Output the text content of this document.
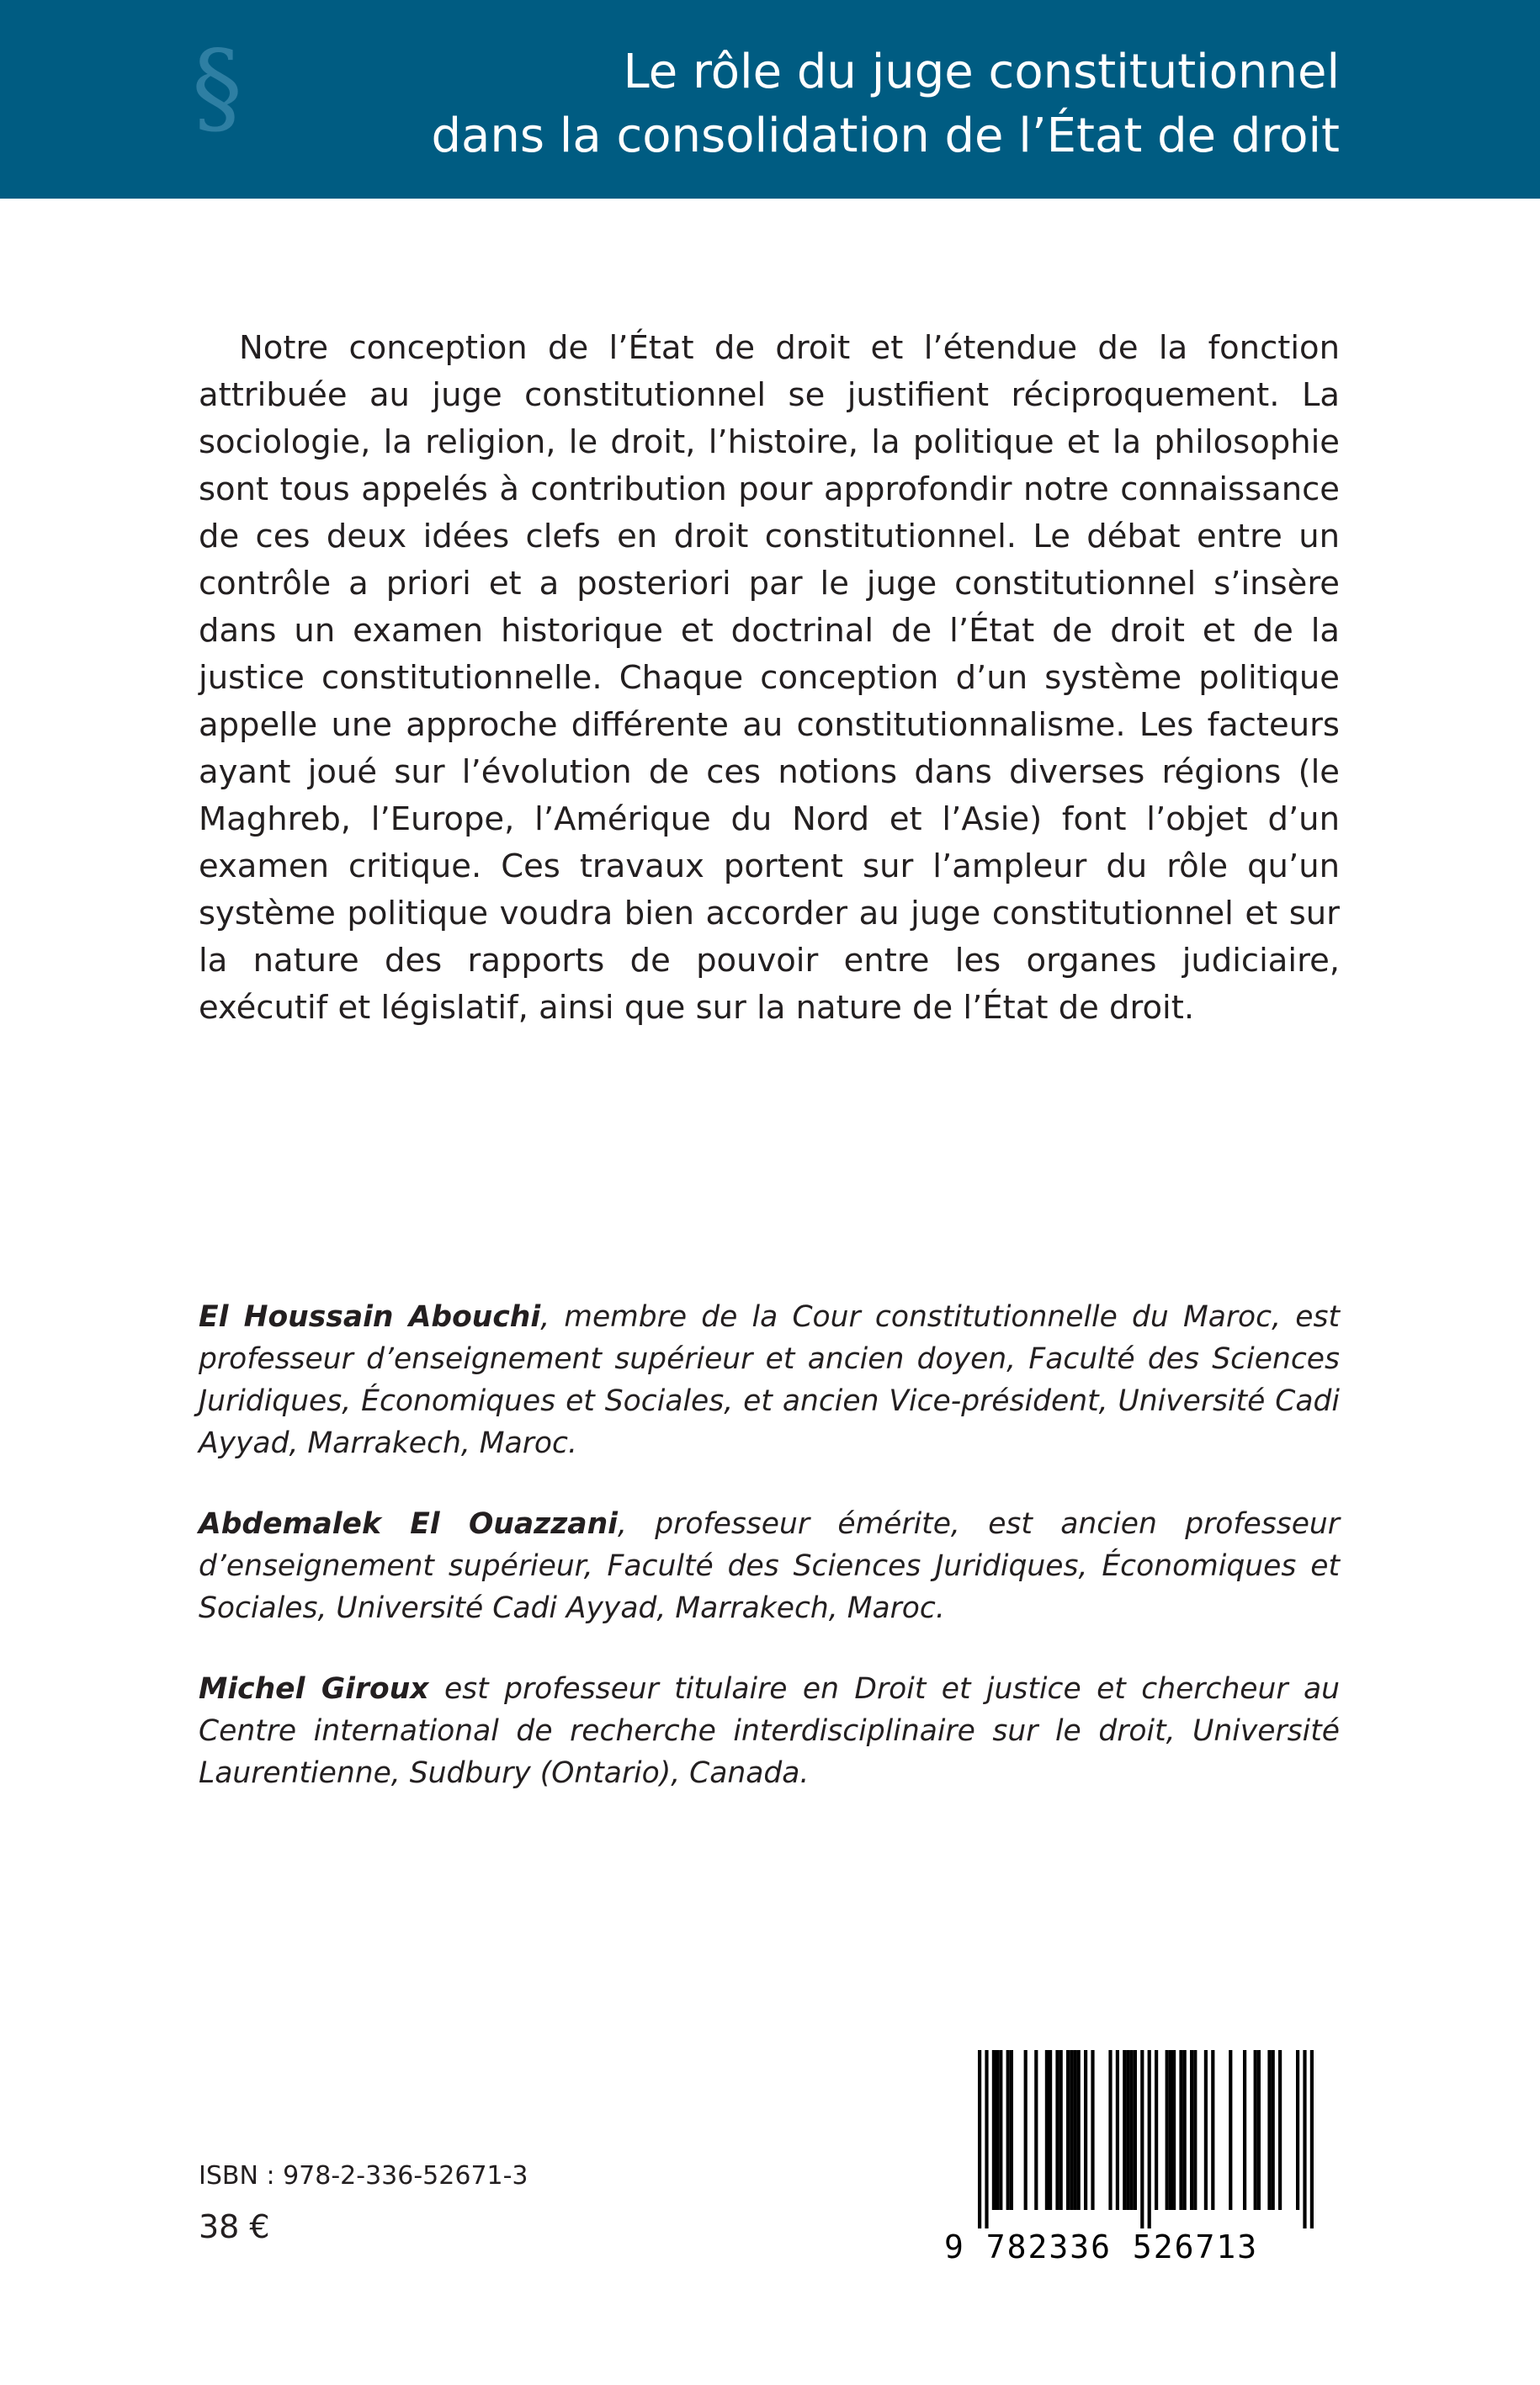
§	Le rôle du juge constitutionnel
dans la consolidation de l’État de droit
Notre conception de l’État de droit et l’étendue de la fonction attribuée au juge constitutionnel se justifient réciproquement. La sociologie, la religion, le droit, l’histoire, la politique et la philosophie sont tous appelés à contribution pour approfondir notre connaissance de ces deux idées clefs en droit constitutionnel. Le débat entre un contrôle a priori et a posteriori par le juge constitutionnel s’insère dans un examen historique et doctrinal de l’État de droit et de la justice constitutionnelle. Chaque conception d’un système politique appelle une approche différente au constitutionnalisme. Les facteurs ayant joué sur l’évolution de ces notions dans diverses régions (le Maghreb, l’Europe, l’Amérique du Nord et l’Asie) font l’objet d’un examen critique. Ces travaux portent sur l’ampleur du rôle qu’un système politique voudra bien accorder au juge constitutionnel et sur la nature des rapports de pouvoir entre les organes judiciaire, exécutif et législatif, ainsi que sur la nature de l’État de droit.

El Houssain Abouchi, membre de la Cour constitutionnelle du Maroc, est professeur d’enseignement supérieur et ancien doyen, Faculté des Sciences Juridiques, Économiques et Sociales, et ancien Vice-président, Université Cadi Ayyad, Marrakech, Maroc.

Abdemalek El Ouazzani, professeur émérite, est ancien professeur d’enseignement supérieur, Faculté des Sciences Juridiques, Économiques et Sociales, Université Cadi Ayyad, Marrakech, Maroc.

Michel Giroux est professeur titulaire en Droit et justice et chercheur au Centre international de recherche interdisciplinaire sur le droit, Université Laurentienne, Sudbury (Ontario), Canada.

ISBN : 978-2-336-52671-3
38 €
9 782336 526713
